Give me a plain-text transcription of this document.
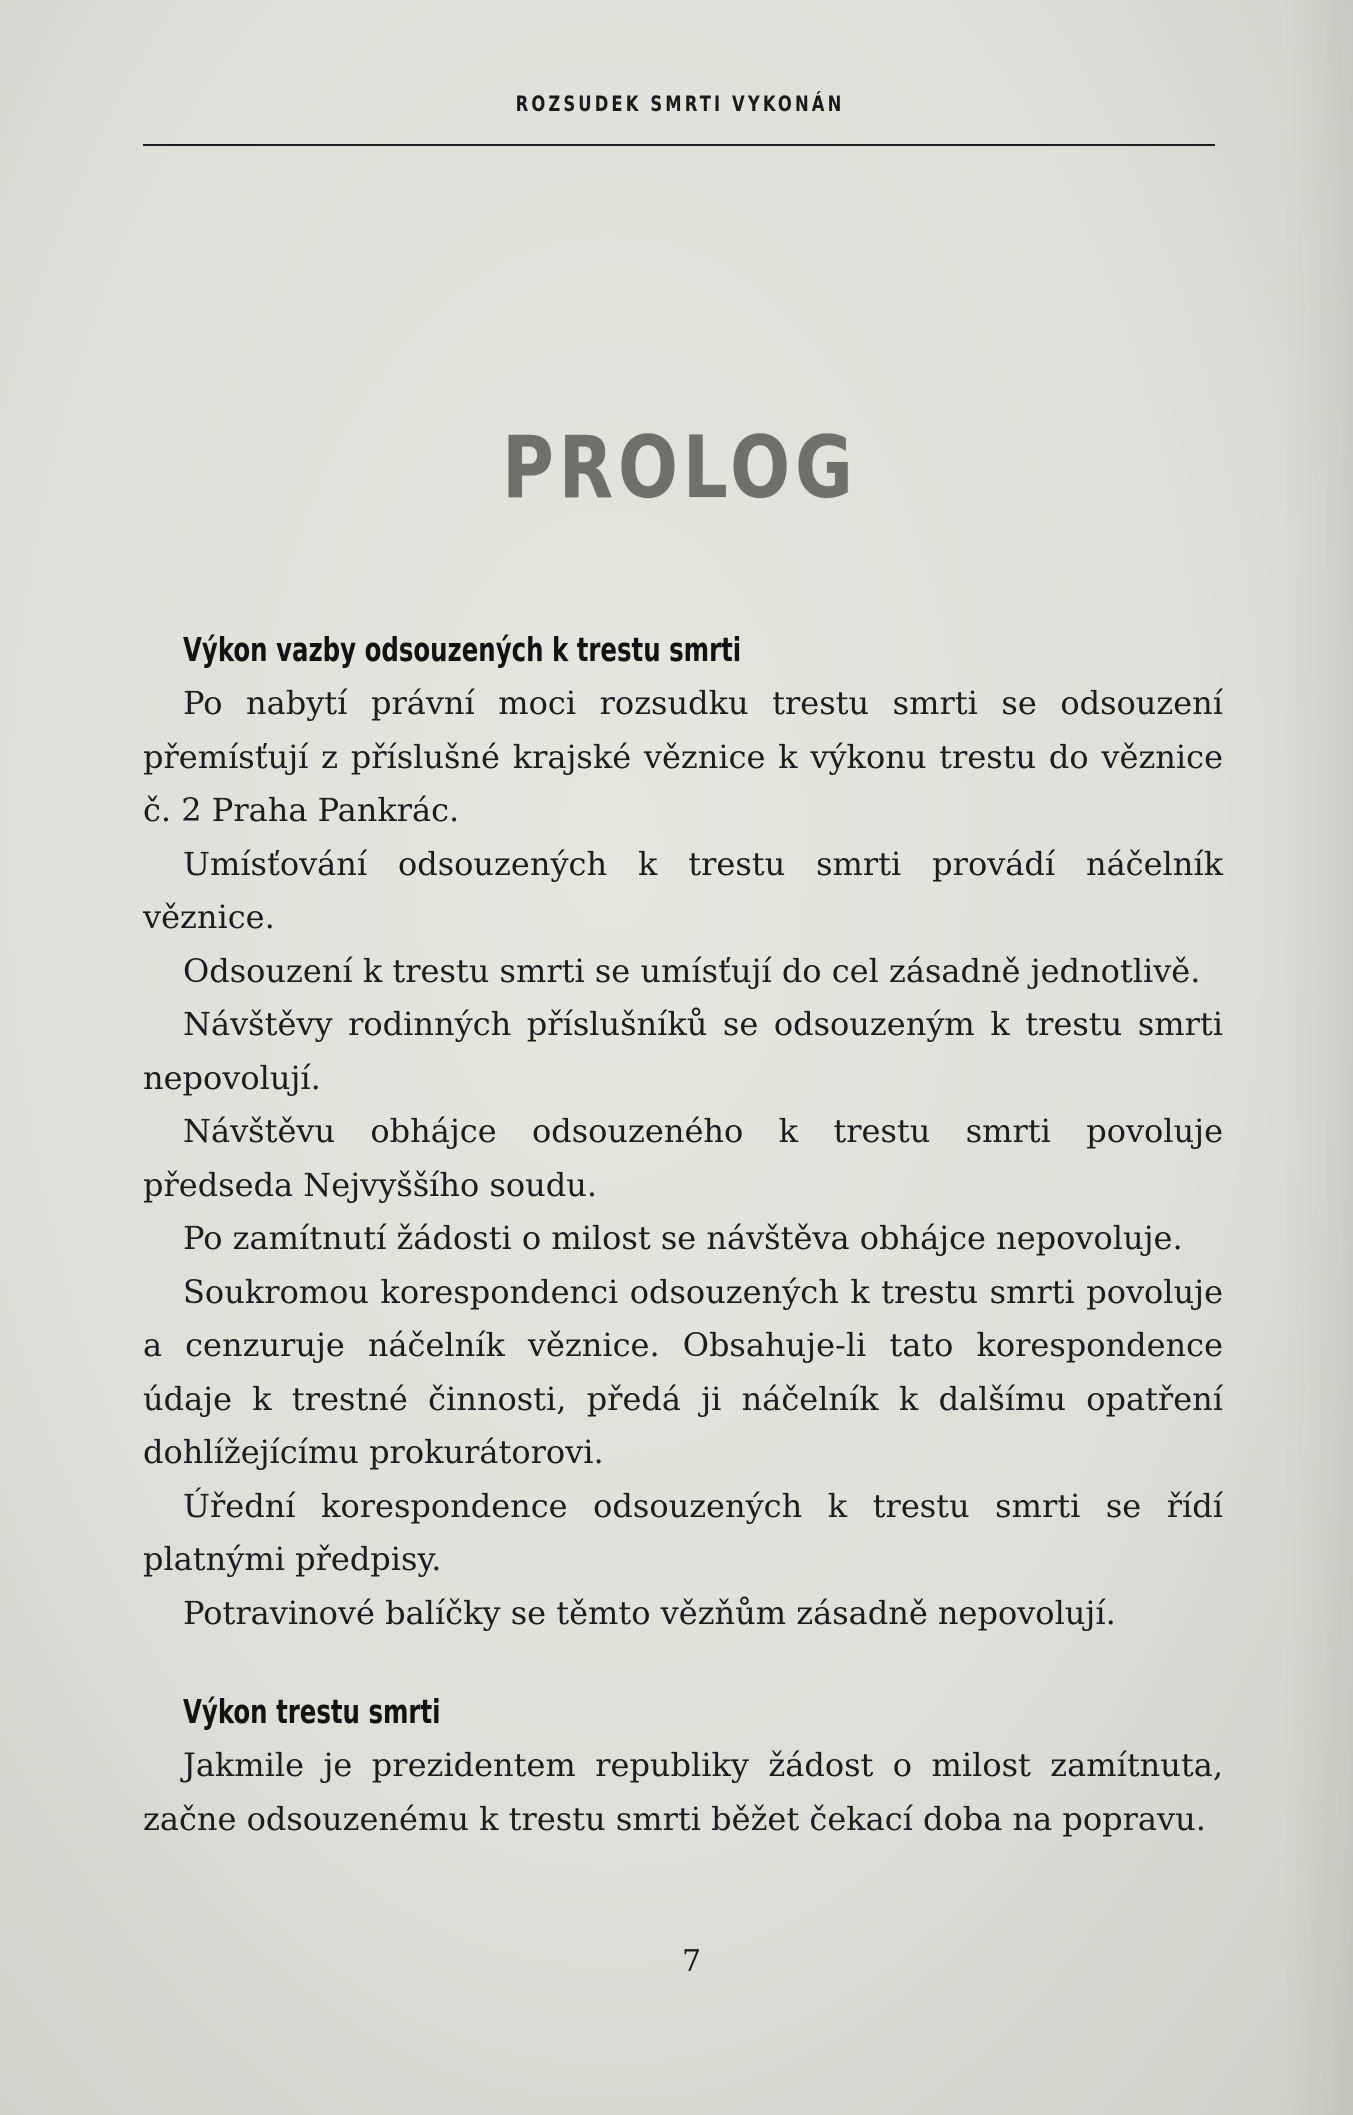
ROZSUDEK SMRTI VYKONÁN
PROLOG
Výkon vazby odsouzených k trestu smrti

Po nabytí právní moci rozsudku trestu smrti se odsouzení přemísťují z příslušné krajské věznice k výkonu trestu do věznice č. 2 Praha Pankrác.

Umísťování odsouzených k trestu smrti provádí náčelník věznice.

Odsouzení k trestu smrti se umísťují do cel zásadně jednotlivě.

Návštěvy rodinných příslušníků se odsouzeným k trestu smrti nepovolují.

Návštěvu obhájce odsouzeného k trestu smrti povoluje předseda Nejvyššího soudu.

Po zamítnutí žádosti o milost se návštěva obhájce nepovoluje.

Soukromou korespondenci odsouzených k trestu smrti povoluje a cenzuruje náčelník věznice. Obsahuje-li tato korespondence údaje k trestné činnosti, předá ji náčelník k dalšímu opatření dohlížejícímu prokurátorovi.

Úřední korespondence odsouzených k trestu smrti se řídí platnými předpisy.

Potravinové balíčky se těmto vězňům zásadně nepovolují.

Výkon trestu smrti

Jakmile je prezidentem republiky žádost o milost zamítnuta, začne odsouzenému k trestu smrti běžet čekací doba na popravu.

7
